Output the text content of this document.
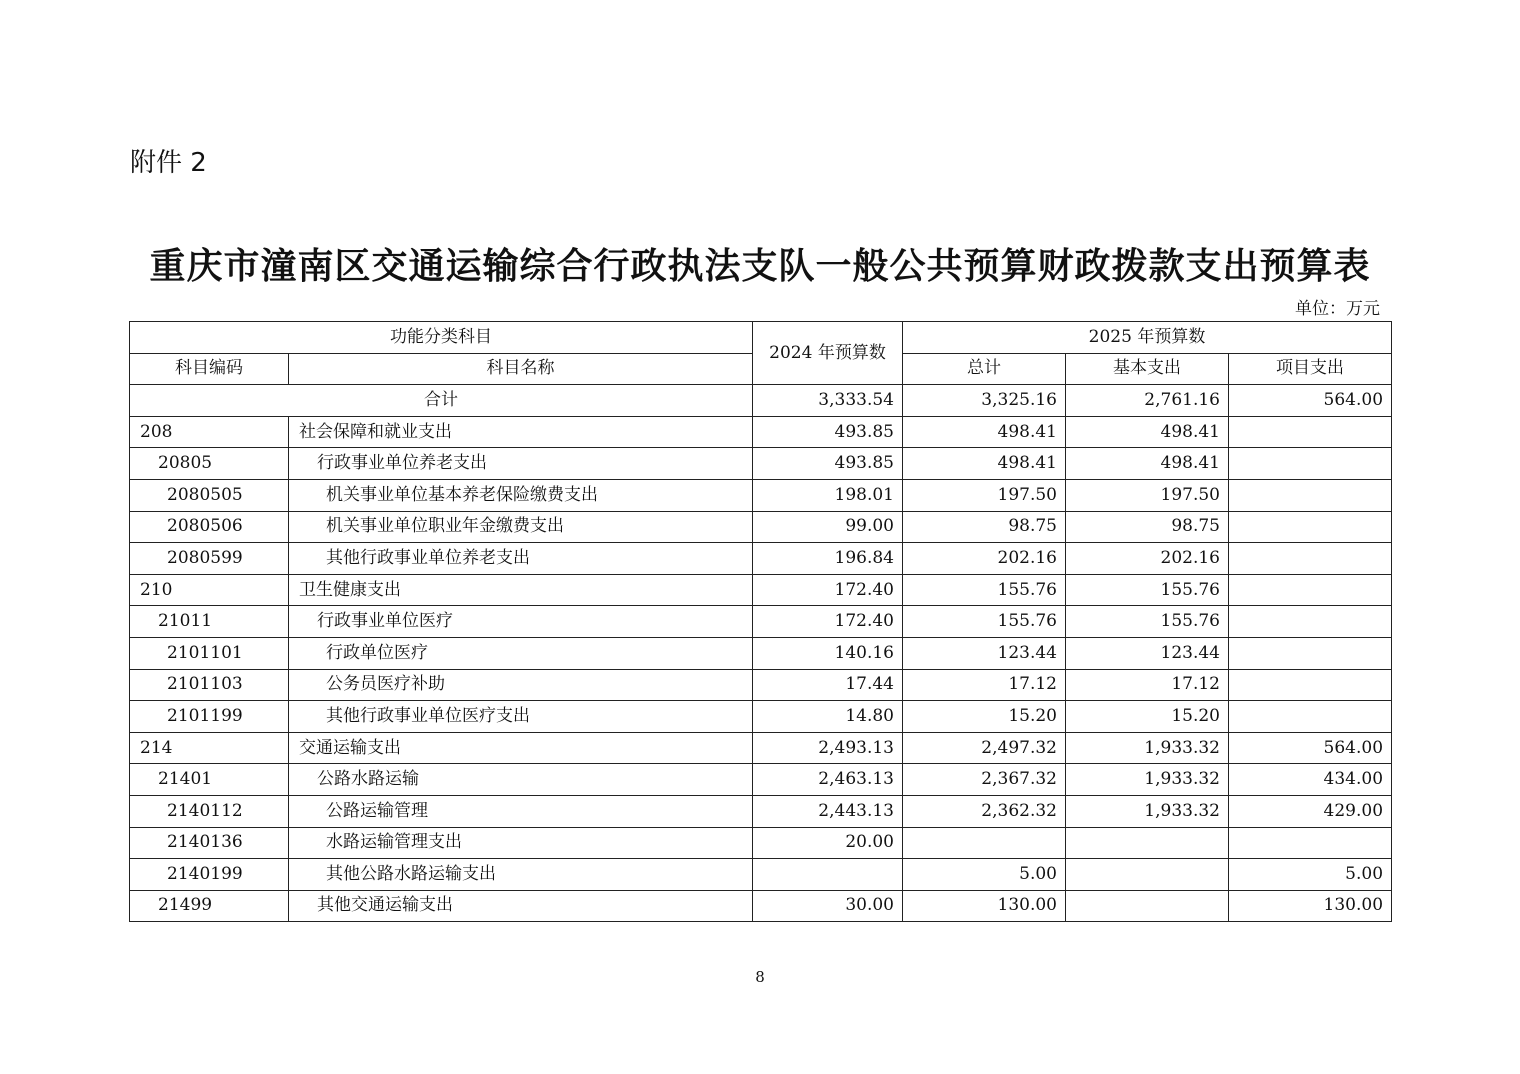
附件 2
重庆市潼南区交通运输综合行政执法支队一般公共预算财政拨款支出预算表
单位：万元
功能分类科目		2024 年预算数	2025 年预算数		
科目编码	科目名称		总计	基本支出	项目支出
合计		3,333.54	3,325.16	2,761.16	564.00
208	社会保障和就业支出	493.85	498.41	498.41	
20805	行政事业单位养老支出	493.85	498.41	498.41	
2080505	机关事业单位基本养老保险缴费支出	198.01	197.50	197.50	
2080506	机关事业单位职业年金缴费支出	99.00	98.75	98.75	
2080599	其他行政事业单位养老支出	196.84	202.16	202.16	
210	卫生健康支出	172.40	155.76	155.76	
21011	行政事业单位医疗	172.40	155.76	155.76	
2101101	行政单位医疗	140.16	123.44	123.44	
2101103	公务员医疗补助	17.44	17.12	17.12	
2101199	其他行政事业单位医疗支出	14.80	15.20	15.20	
214	交通运输支出	2,493.13	2,497.32	1,933.32	564.00
21401	公路水路运输	2,463.13	2,367.32	1,933.32	434.00
2140112	公路运输管理	2,443.13	2,362.32	1,933.32	429.00
2140136	水路运输管理支出	20.00			
2140199	其他公路水路运输支出		5.00		5.00
21499	其他交通运输支出	30.00	130.00		130.00
8
